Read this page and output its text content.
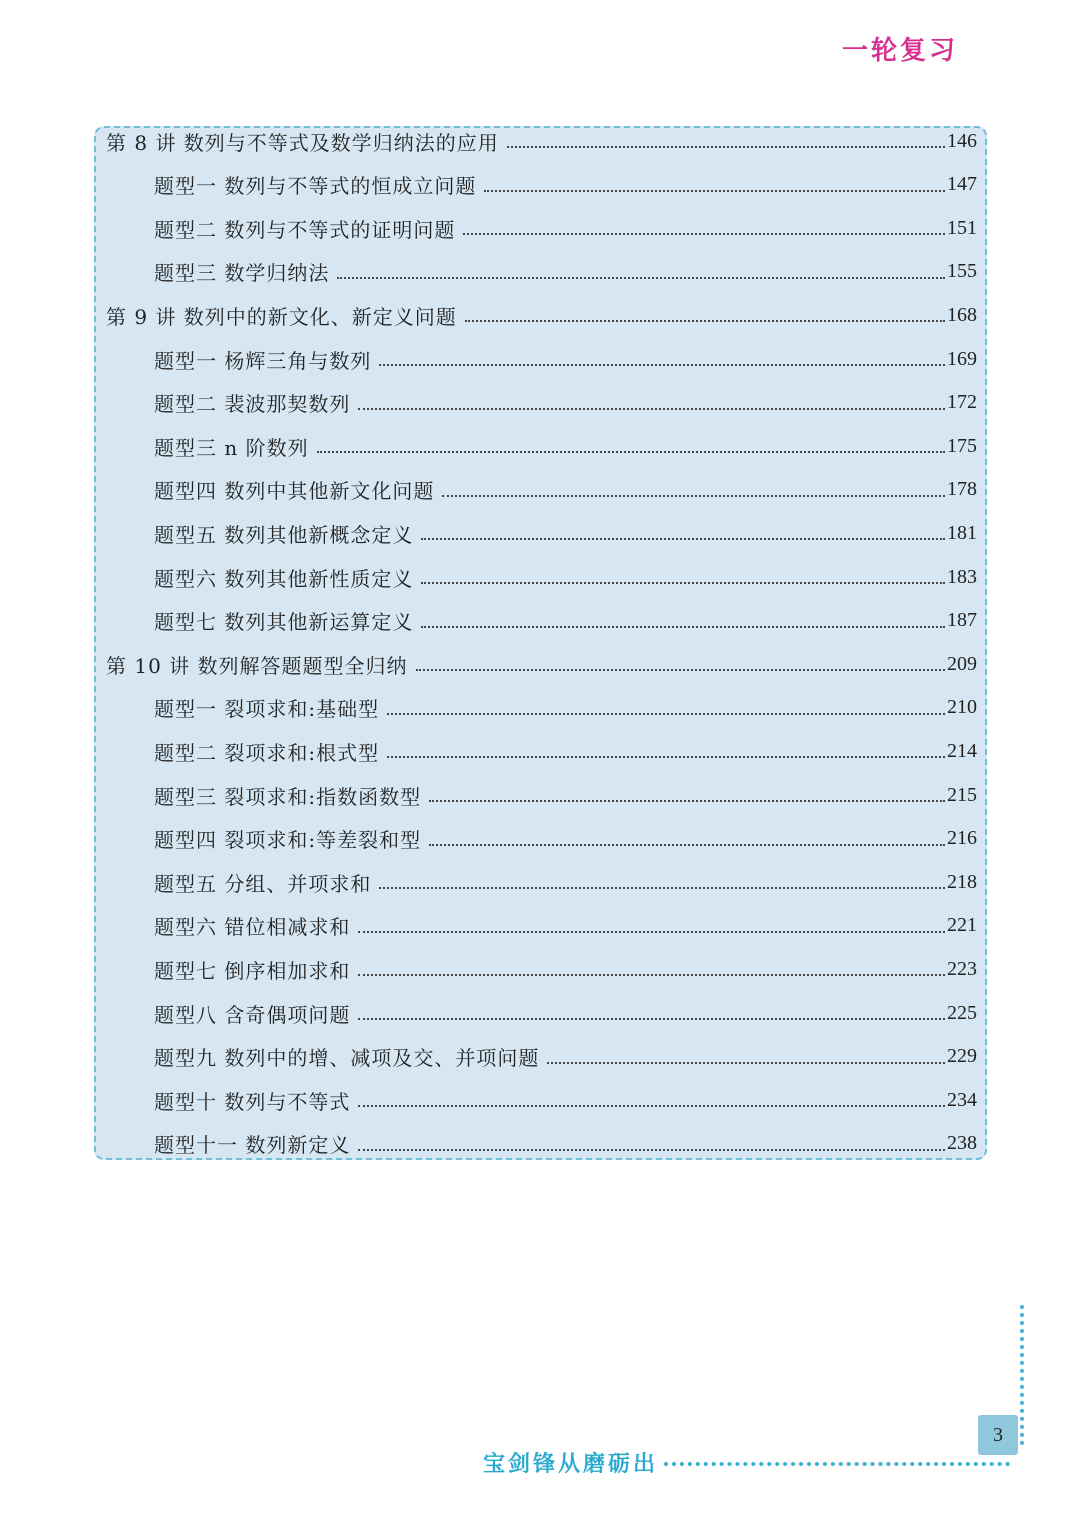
一轮复习
第 8 讲 数列与不等式及数学归纳法的应用	146
题型一 数列与不等式的恒成立问题	147
题型二 数列与不等式的证明问题	151
题型三 数学归纳法	155
第 9 讲 数列中的新文化、新定义问题	168
题型一 杨辉三角与数列	169
题型二 裴波那契数列	172
题型三 n 阶数列	175
题型四 数列中其他新文化问题	178
题型五 数列其他新概念定义	181
题型六 数列其他新性质定义	183
题型七 数列其他新运算定义	187
第 10 讲 数列解答题题型全归纳	209
题型一 裂项求和:基础型	210
题型二 裂项求和:根式型	214
题型三 裂项求和:指数函数型	215
题型四 裂项求和:等差裂和型	216
题型五 分组、并项求和	218
题型六 错位相减求和	221
题型七 倒序相加求和	223
题型八 含奇偶项问题	225
题型九 数列中的增、减项及交、并项问题	229
题型十 数列与不等式	234
题型十一 数列新定义	238
3
宝剑锋从磨砺出
